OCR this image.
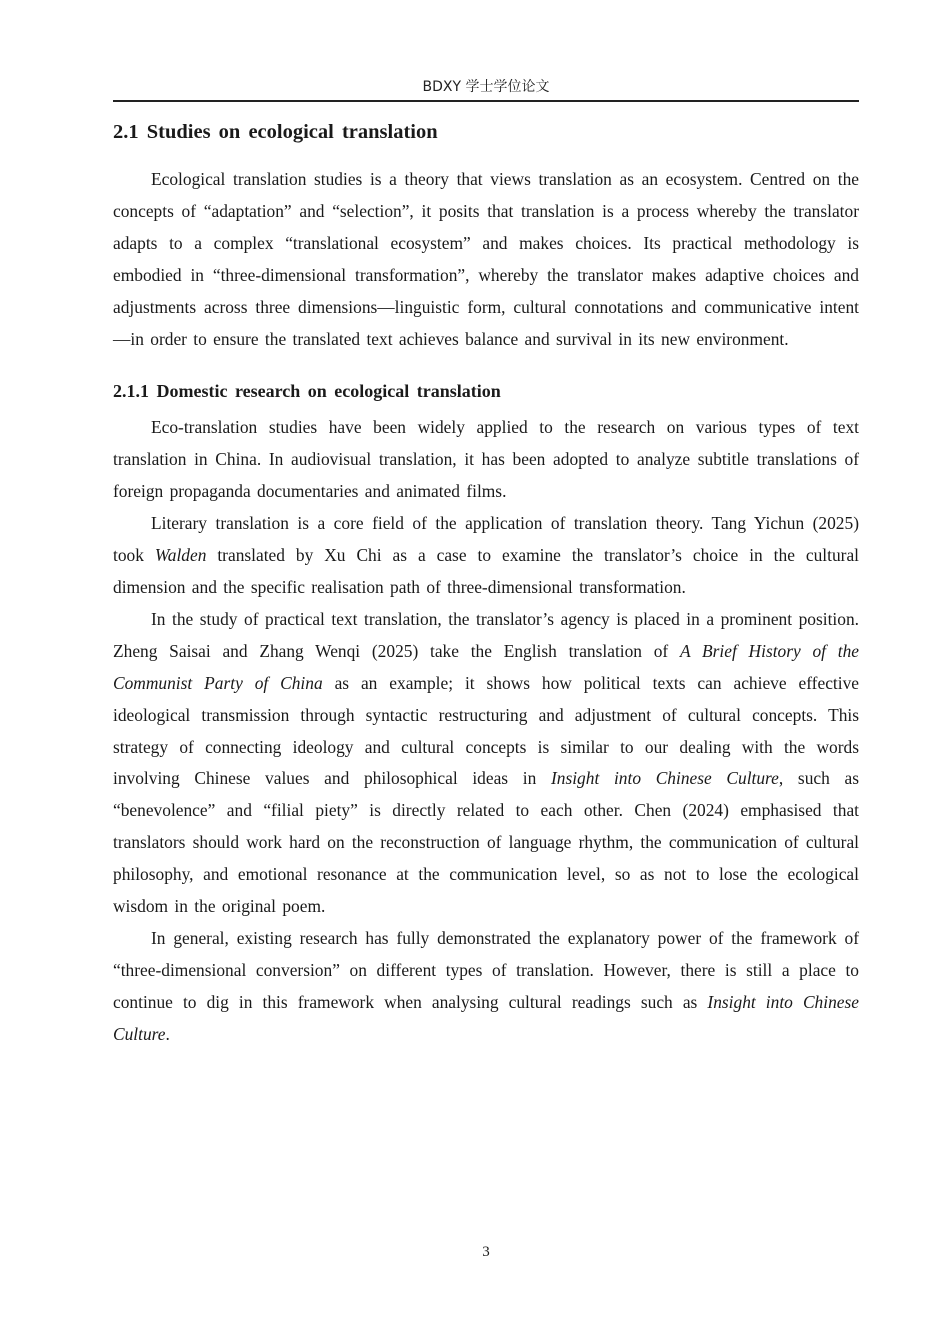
BDXY 学士学位论文
2.1 Studies on ecological translation

Ecological translation studies is a theory that views translation as an ecosystem. Centred on the concepts of “adaptation” and “selection”, it posits that translation is a process whereby the translator adapts to a complex “translational ecosystem” and makes choices. Its practical methodology is embodied in “three-dimensional transformation”, whereby the translator makes adaptive choices and adjustments across three dimensions—linguistic form, cultural connotations and communicative intent—in order to ensure the translated text achieves balance and survival in its new environment.

2.1.1 Domestic research on ecological translation

Eco-translation studies have been widely applied to the research on various types of text translation in China. In audiovisual translation, it has been adopted to analyze subtitle translations of foreign propaganda documentaries and animated films.

Literary translation is a core field of the application of translation theory. Tang Yichun (2025) took Walden translated by Xu Chi as a case to examine the translator’s choice in the cultural dimension and the specific realisation path of three-dimensional transformation.

In the study of practical text translation, the translator’s agency is placed in a prominent position. Zheng Saisai and Zhang Wenqi (2025) take the English translation of A Brief History of the Communist Party of China as an example; it shows how political texts can achieve effective ideological transmission through syntactic restructuring and adjustment of cultural concepts. This strategy of connecting ideology and cultural concepts is similar to our dealing with the words involving Chinese values and philosophical ideas in Insight into Chinese Culture, such as “benevolence” and “filial piety” is directly related to each other. Chen (2024) emphasised that translators should work hard on the reconstruction of language rhythm, the communication of cultural philosophy, and emotional resonance at the communication level, so as not to lose the ecological wisdom in the original poem.

In general, existing research has fully demonstrated the explanatory power of the framework of “three-dimensional conversion” on different types of translation. However, there is still a place to continue to dig in this framework when analysing cultural readings such as Insight into Chinese Culture.

3
